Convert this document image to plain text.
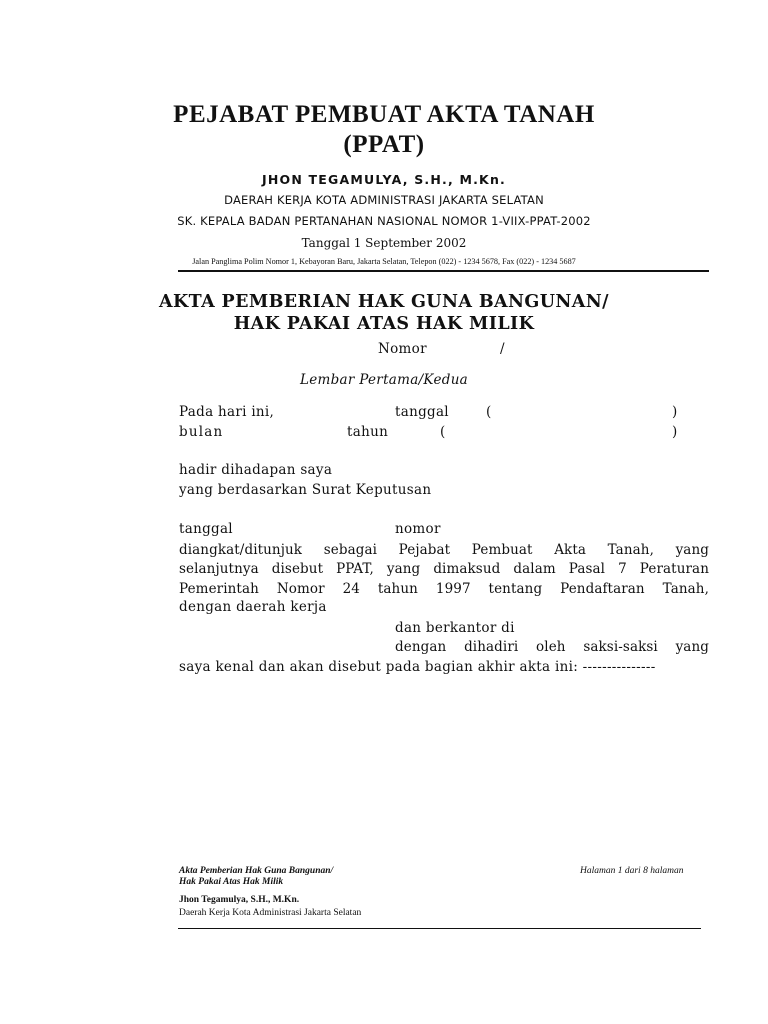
PEJABAT PEMBUAT AKTA TANAH
(PPAT)
JHON TEGAMULYA, S.H., M.Kn.
DAERAH KERJA KOTA ADMINISTRASI JAKARTA SELATAN
SK. KEPALA BADAN PERTANAHAN NASIONAL NOMOR 1-VIIX-PPAT-2002
Tanggal 1 September 2002
Jalan Panglima Polim Nomor 1, Kebayoran Baru, Jakarta Selatan, Telepon (022) - 1234 5678, Fax (022) - 1234 5687
AKTA PEMBERIAN HAK GUNA BANGUNAN/
HAK PAKAI ATAS HAK MILIK
Nomor	/
Lembar Pertama/Kedua
Pada hari ini,	tanggal	(	)
bulan	tahun	(	)
hadir dihadapan saya
yang berdasarkan Surat Keputusan
tanggal	nomor
diangkat/ditunjuk sebagai Pejabat Pembuat Akta Tanah, yang
selanjutnya disebut PPAT, yang dimaksud dalam Pasal 7 Peraturan
Pemerintah Nomor 24 tahun 1997 tentang Pendaftaran Tanah,
dengan daerah kerja
dan berkantor di
dengan dihadiri oleh saksi-saksi yang
saya kenal dan akan disebut pada bagian akhir akta ini: ---------------
Akta Pemberian Hak Guna Bangunan/
Hak Pakai Atas Hak Milik
Halaman 1 dari 8 halaman
Jhon Tegamulya, S.H., M.Kn.
Daerah Kerja Kota Administrasi Jakarta Selatan
